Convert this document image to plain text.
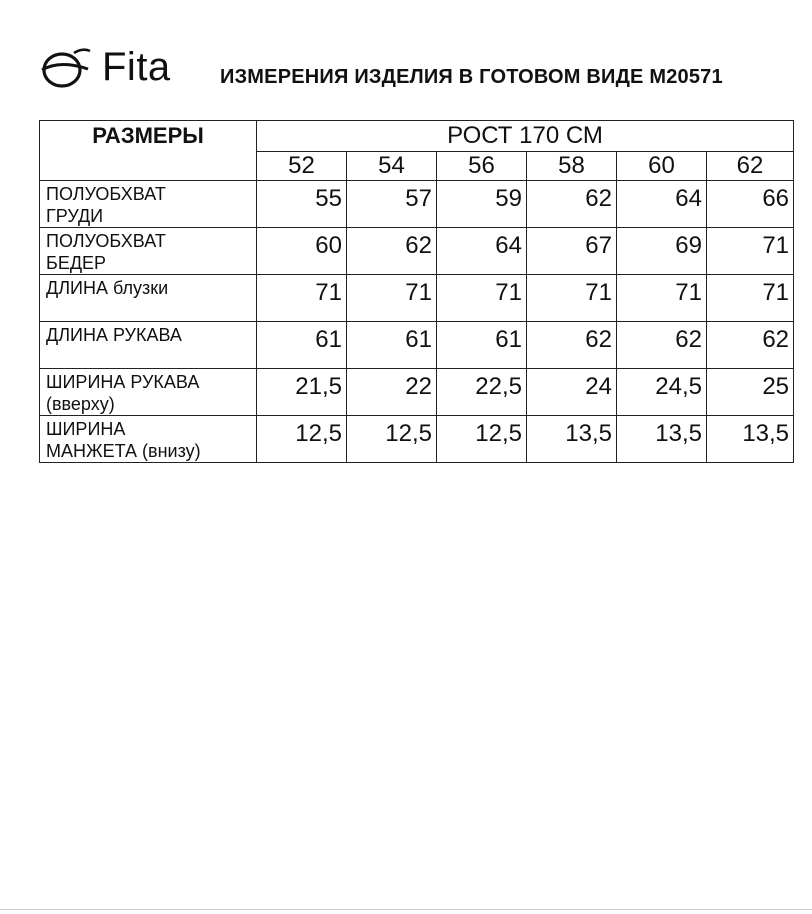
Fita ИЗМЕРЕНИЯ ИЗДЕЛИЯ В ГОТОВОМ ВИДЕ М20571
РАЗМЕРЫ	РОСТ 170 СМ					
	52	54	56	58	60	62

ПОЛУОБХВАТ
ГРУДИ	55	57	59	62	64	66

ПОЛУОБХВАТ
БЕДЕР	60	62	64	67	69	71

ДЛИНА блузки	71	71	71	71	71	71

ДЛИНА РУКАВА	61	61	61	62	62	62

ШИРИНА РУКАВА
(вверху)	21,5	22	22,5	24	24,5	25

ШИРИНА
МАНЖЕТА (внизу)	12,5	12,5	12,5	13,5	13,5	13,5
